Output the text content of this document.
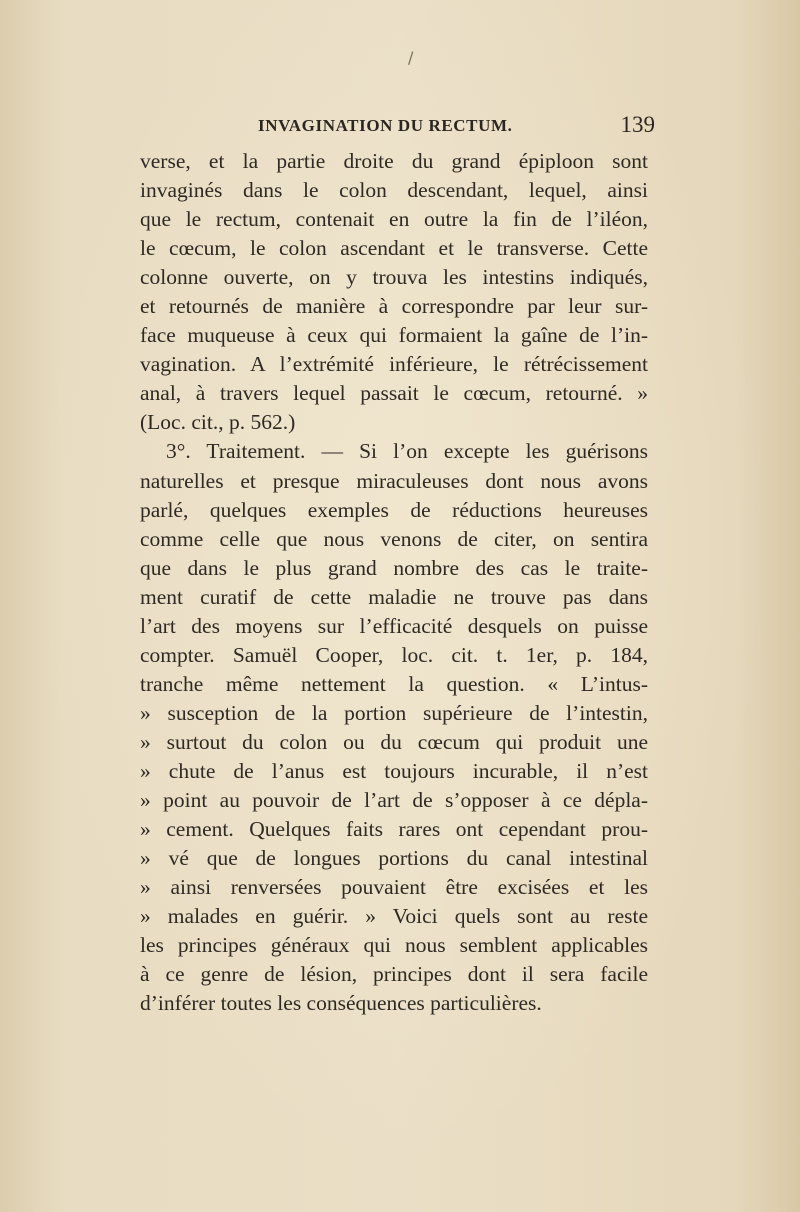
/
INVAGINATION DU RECTUM.	139
verse, et la partie droite du grand épiploon sont
invaginés dans le colon descendant, lequel, ainsi
que le rectum, contenait en outre la fin de l’iléon,
le cœcum, le colon ascendant et le transverse. Cette
colonne ouverte, on y trouva les intestins indiqués,
et retournés de manière à correspondre par leur sur-
face muqueuse à ceux qui formaient la gaîne de l’in-
vagination. A l’extrémité inférieure, le rétrécissement
anal, à travers lequel passait le cœcum, retourné. »
(Loc. cit., p. 562.)
3°. Traitement. — Si l’on excepte les guérisons
naturelles et presque miraculeuses dont nous avons
parlé, quelques exemples de réductions heureuses
comme celle que nous venons de citer, on sentira
que dans le plus grand nombre des cas le traite-
ment curatif de cette maladie ne trouve pas dans
l’art des moyens sur l’efficacité desquels on puisse
compter. Samuël Cooper, loc. cit. t. 1er, p. 184,
tranche même nettement la question. « L’intus-
» susception de la portion supérieure de l’intestin,
» surtout du colon ou du cœcum qui produit une
» chute de l’anus est toujours incurable, il n’est
» point au pouvoir de l’art de s’opposer à ce dépla-
» cement. Quelques faits rares ont cependant prou-
» vé que de longues portions du canal intestinal
» ainsi renversées pouvaient être excisées et les
» malades en guérir. » Voici quels sont au reste
les principes généraux qui nous semblent applicables
à ce genre de lésion, principes dont il sera facile
d’inférer toutes les conséquences particulières.
